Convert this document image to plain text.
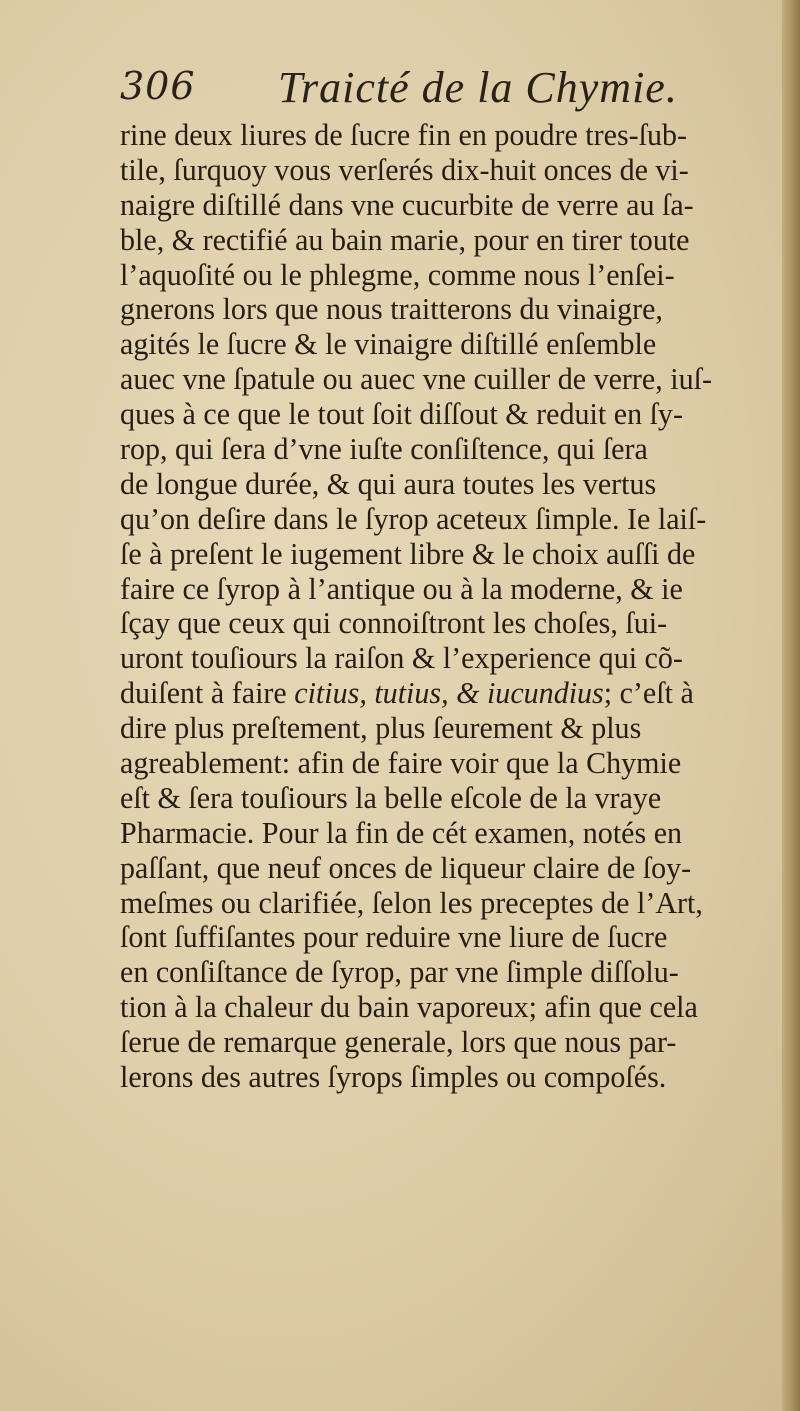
306 Traicté de la Chymie.
rine deux liures de ſucre fin en poudre tres-ſub-
tile, ſurquoy vous verſerés dix-huit onces de vi-
naigre diſtillé dans vne cucurbite de verre au ſa-
ble, & rectifié au bain marie, pour en tirer toute
l’aquoſité ou le phlegme, comme nous l’enſei-
gnerons lors que nous traitterons du vinaigre,
agités le ſucre & le vinaigre diſtillé enſemble
auec vne ſpatule ou auec vne cuiller de verre, iuſ-
ques à ce que le tout ſoit diſſout & reduit en ſy-
rop, qui ſera d’vne iuſte conſiſtence, qui ſera
de longue durée, & qui aura toutes les vertus
qu’on deſire dans le ſyrop aceteux ſimple. Ie laiſ-
ſe à preſent le iugement libre & le choix auſſi de
faire ce ſyrop à l’antique ou à la moderne, & ie
ſçay que ceux qui connoiſtront les choſes, ſui-
uront touſiours la raiſon & l’experience qui cõ-
duiſent à faire citius, tutius, & iucundius; c’eſt à
dire plus preſtement, plus ſeurement & plus
agreablement: afin de faire voir que la Chymie
eſt & ſera touſiours la belle eſcole de la vraye
Pharmacie. Pour la fin de cét examen, notés en
paſſant, que neuf onces de liqueur claire de ſoy-
meſmes ou clarifiée, ſelon les preceptes de l’Art,
ſont ſuffiſantes pour reduire vne liure de ſucre
en conſiſtance de ſyrop, par vne ſimple diſſolu-
tion à la chaleur du bain vaporeux; afin que cela
ſerue de remarque generale, lors que nous par-
lerons des autres ſyrops ſimples ou compoſés.
